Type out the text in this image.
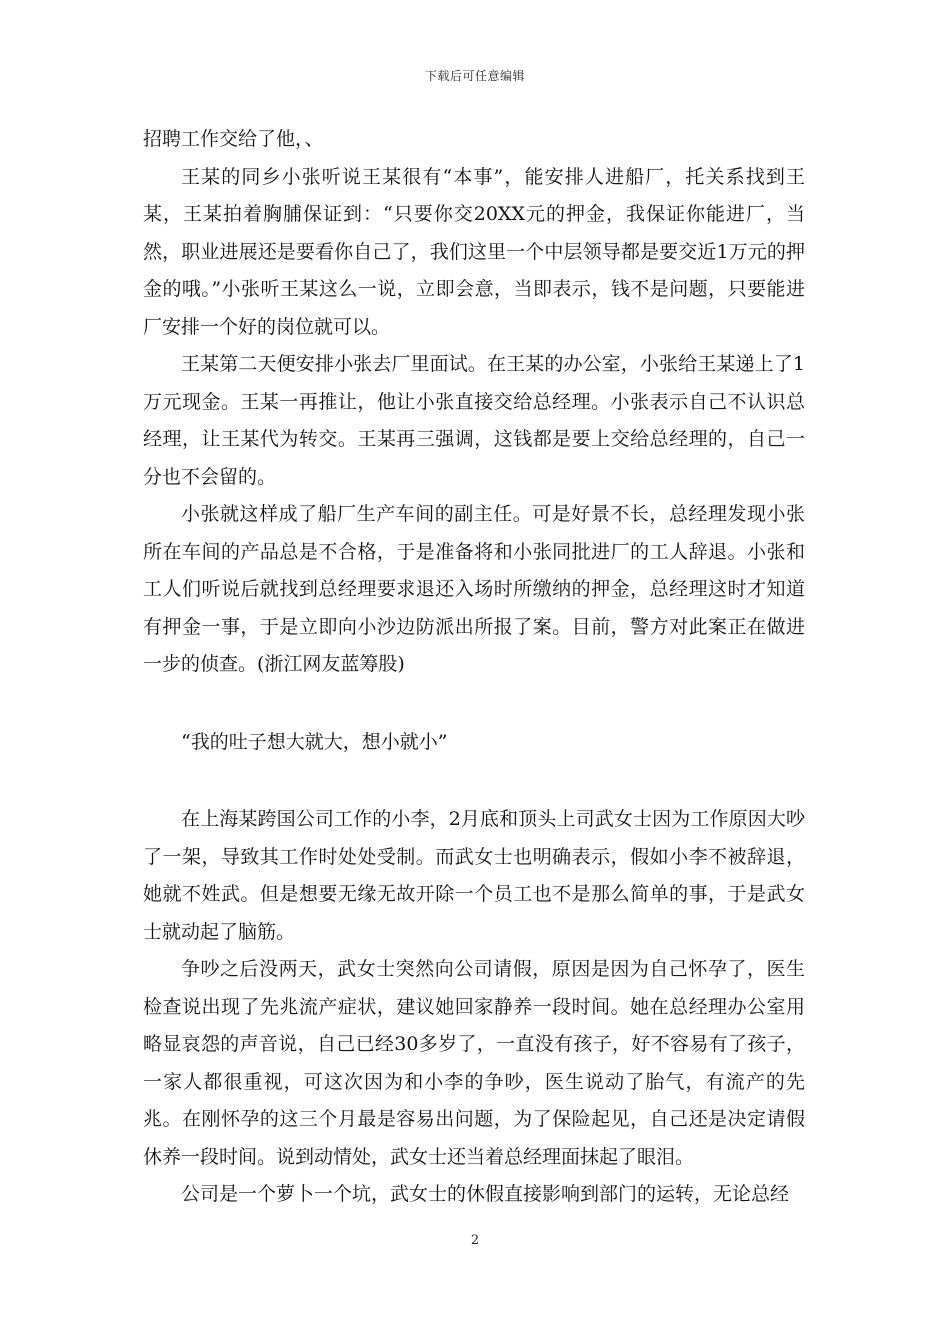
下载后可任意编辑

招聘工作交给了他，、

王某的同乡小张听说王某很有“本事”，能安排人进船厂，托关系找到王某，王某拍着胸脯保证到：“只要你交20XX元的押金，我保证你能进厂，当然，职业进展还是要看你自己了，我们这里一个中层领导都是要交近1万元的押金的哦。”小张听王某这么一说，立即会意，当即表示，钱不是问题，只要能进厂安排一个好的岗位就可以。

王某第二天便安排小张去厂里面试。在王某的办公室，小张给王某递上了1万元现金。王某一再推让，他让小张直接交给总经理。小张表示自己不认识总经理，让王某代为转交。王某再三强调，这钱都是要上交给总经理的，自己一分也不会留的。

小张就这样成了船厂生产车间的副主任。可是好景不长，总经理发现小张所在车间的产品总是不合格，于是准备将和小张同批进厂的工人辞退。小张和工人们听说后就找到总经理要求退还入场时所缴纳的押金，总经理这时才知道有押金一事，于是立即向小沙边防派出所报了案。目前，警方对此案正在做进一步的侦查。(浙江网友蓝筹股)

“我的吐子想大就大，想小就小”

在上海某跨国公司工作的小李，2月底和顶头上司武女士因为工作原因大吵了一架，导致其工作时处处受制。而武女士也明确表示，假如小李不被辞退，她就不姓武。但是想要无缘无故开除一个员工也不是那么简单的事，于是武女士就动起了脑筋。

争吵之后没两天，武女士突然向公司请假，原因是因为自己怀孕了，医生检查说出现了先兆流产症状，建议她回家静养一段时间。她在总经理办公室用略显哀怨的声音说，自己已经30多岁了，一直没有孩子，好不容易有了孩子，一家人都很重视，可这次因为和小李的争吵，医生说动了胎气，有流产的先兆。在刚怀孕的这三个月最是容易出问题，为了保险起见，自己还是决定请假休养一段时间。说到动情处，武女士还当着总经理面抹起了眼泪。

公司是一个萝卜一个坑，武女士的休假直接影响到部门的运转，无论总经

2
